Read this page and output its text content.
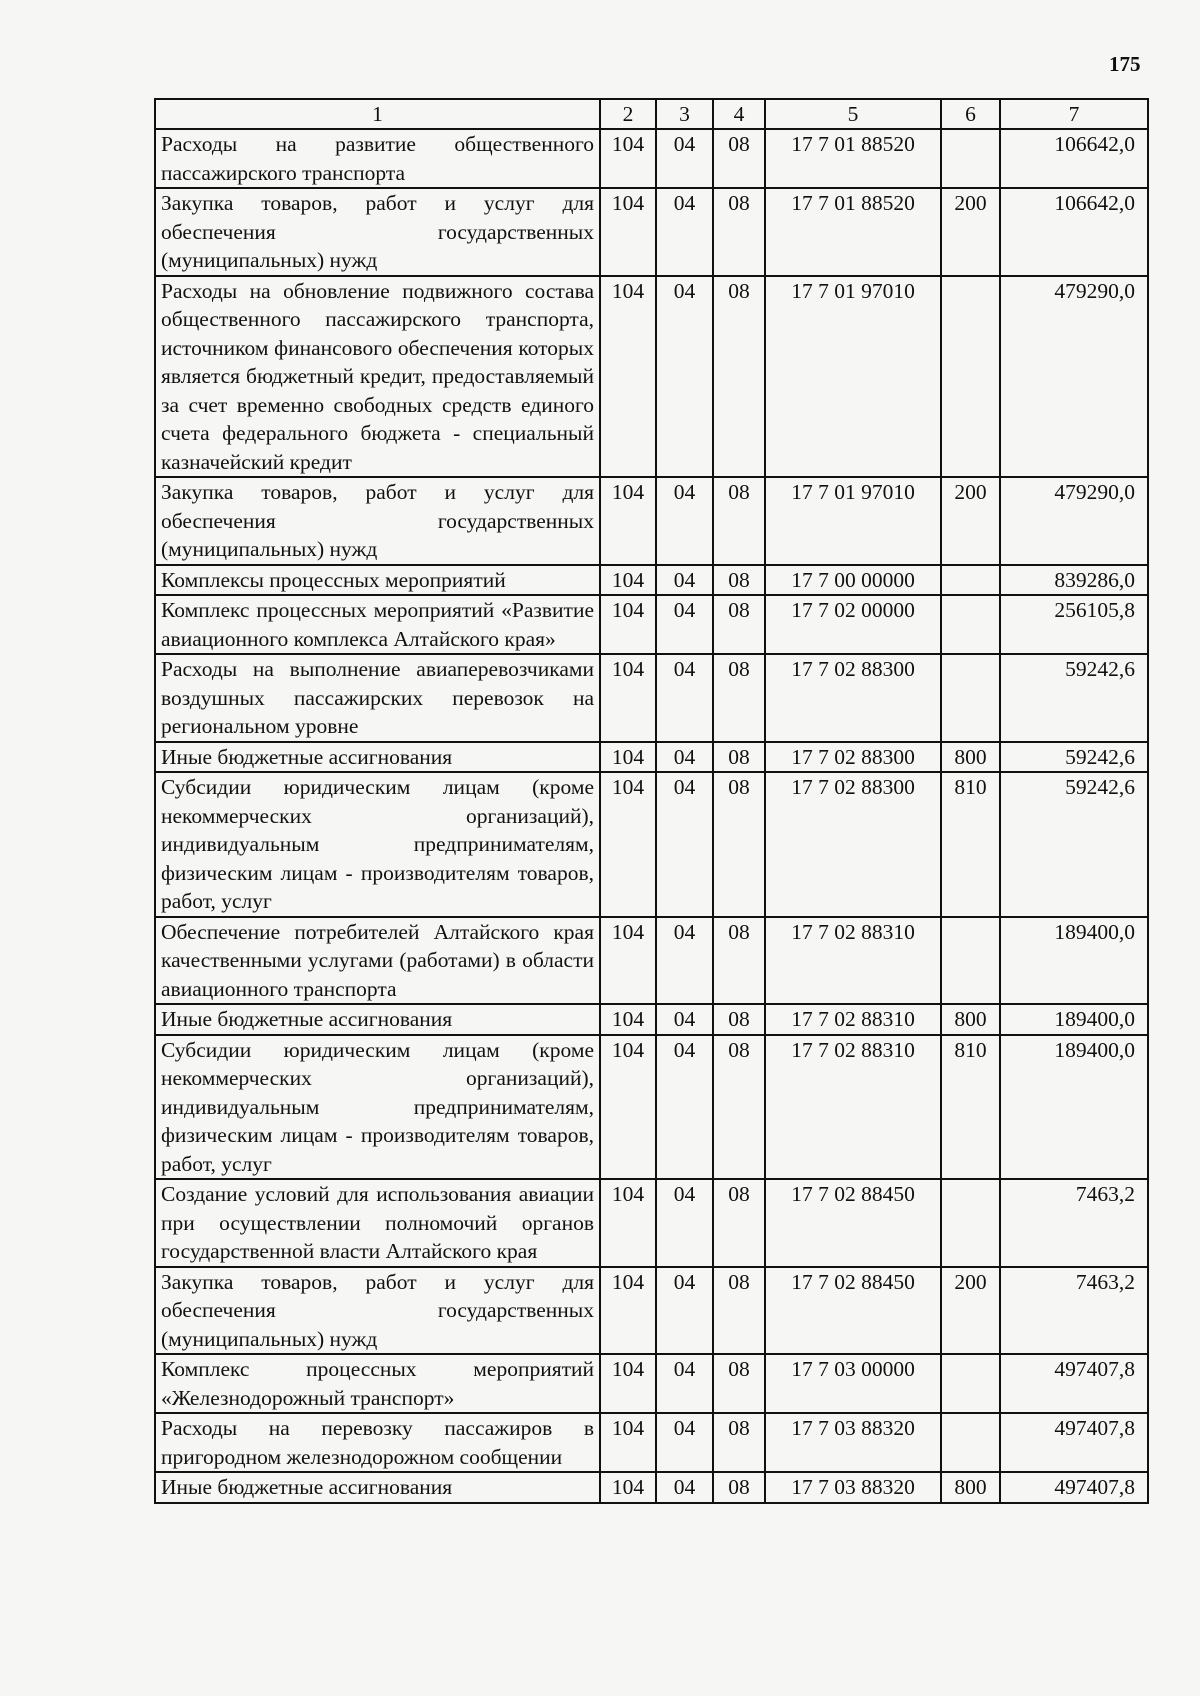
175
1	2	3	4	5	6	7
Расходы на развитие общественного пассажирского транспорта	104	04	08	17 7 01 88520		106642,0
Закупка товаров, работ и услуг для обеспечения государственных (муниципальных) нужд	104	04	08	17 7 01 88520	200	106642,0
Расходы на обновление подвижного состава общественного пассажирского транспорта, источником финансового обеспечения которых является бюджетный кредит, предоставляемый за счет временно свободных средств единого счета федерального бюджета - специальный казначейский кредит	104	04	08	17 7 01 97010		479290,0
Закупка товаров, работ и услуг для обеспечения государственных (муниципальных) нужд	104	04	08	17 7 01 97010	200	479290,0
Комплексы процессных мероприятий	104	04	08	17 7 00 00000		839286,0
Комплекс процессных мероприятий «Развитие авиационного комплекса Алтайского края»	104	04	08	17 7 02 00000		256105,8
Расходы на выполнение авиаперевозчиками воздушных пассажирских перевозок на региональном уровне	104	04	08	17 7 02 88300		59242,6
Иные бюджетные ассигнования	104	04	08	17 7 02 88300	800	59242,6
Субсидии юридическим лицам (кроме некоммерческих организаций), индивидуальным предпринимателям, физическим лицам - производителям товаров, работ, услуг	104	04	08	17 7 02 88300	810	59242,6
Обеспечение потребителей Алтайского края качественными услугами (работами) в области авиационного транспорта	104	04	08	17 7 02 88310		189400,0
Иные бюджетные ассигнования	104	04	08	17 7 02 88310	800	189400,0
Субсидии юридическим лицам (кроме некоммерческих организаций), индивидуальным предпринимателям, физическим лицам - производителям товаров, работ, услуг	104	04	08	17 7 02 88310	810	189400,0
Создание условий для использования авиации при осуществлении полномочий органов государственной власти Алтайского края	104	04	08	17 7 02 88450		7463,2
Закупка товаров, работ и услуг для обеспечения государственных (муниципальных) нужд	104	04	08	17 7 02 88450	200	7463,2
Комплекс процессных мероприятий «Железнодорожный транспорт»	104	04	08	17 7 03 00000		497407,8
Расходы на перевозку пассажиров в пригородном железнодорожном сообщении	104	04	08	17 7 03 88320		497407,8
Иные бюджетные ассигнования	104	04	08	17 7 03 88320	800	497407,8
